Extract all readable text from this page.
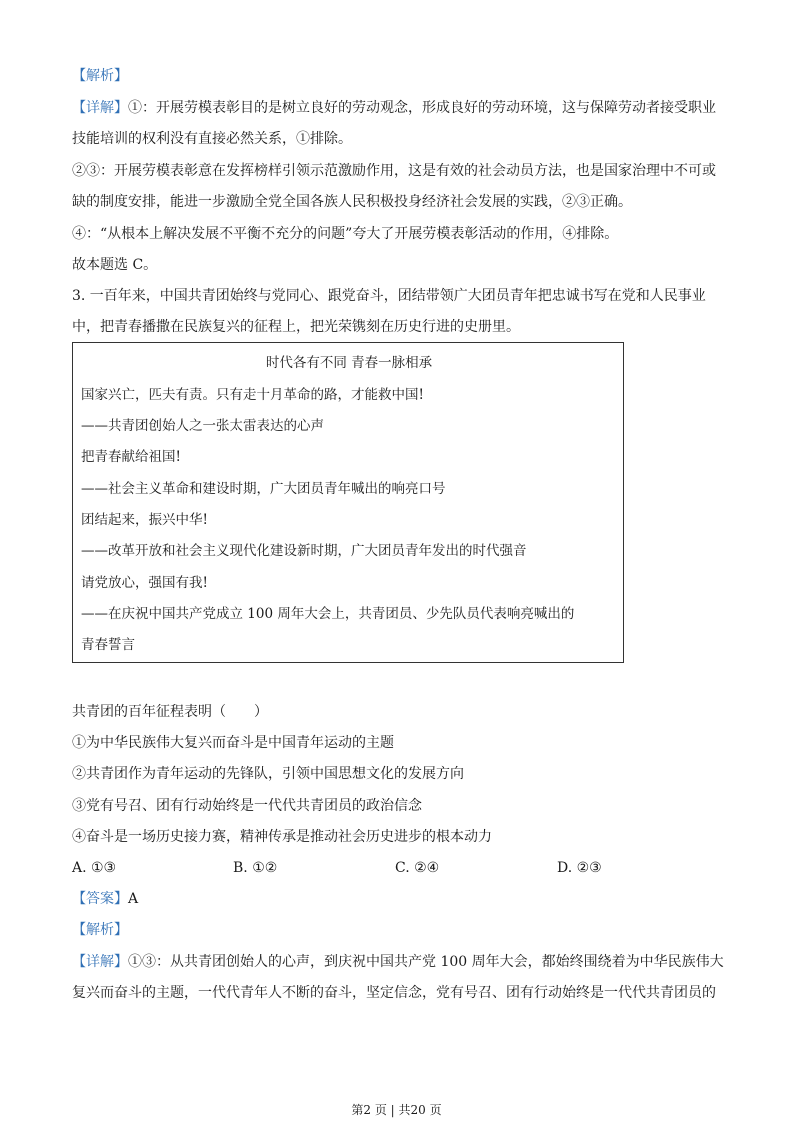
【解析】
【详解】①：开展劳模表彰目的是树立良好的劳动观念，形成良好的劳动环境，这与保障劳动者接受职业
技能培训的权利没有直接必然关系，①排除。
②③：开展劳模表彰意在发挥榜样引领示范激励作用，这是有效的社会动员方法，也是国家治理中不可或
缺的制度安排，能进一步激励全党全国各族人民积极投身经济社会发展的实践，②③正确。
④：“从根本上解决发展不平衡不充分的问题”夸大了开展劳模表彰活动的作用，④排除。
故本题选 C。
3. 一百年来，中国共青团始终与党同心、跟党奋斗，团结带领广大团员青年把忠诚书写在党和人民事业
中，把青春播撒在民族复兴的征程上，把光荣镌刻在历史行进的史册里。
时代各有不同 青春一脉相承
国家兴亡，匹夫有责。只有走十月革命的路，才能救中国!
——共青团创始人之一张太雷表达的心声
把青春献给祖国!
——社会主义革命和建设时期，广大团员青年喊出的响亮口号
团结起来，振兴中华!
——改革开放和社会主义现代化建设新时期，广大团员青年发出的时代强音
请党放心，强国有我!
——在庆祝中国共产党成立 100 周年大会上，共青团员、少先队员代表响亮喊出的
青春誓言
共青团的百年征程表明（　　）
①为中华民族伟大复兴而奋斗是中国青年运动的主题
②共青团作为青年运动的先锋队，引领中国思想文化的发展方向
③党有号召、团有行动始终是一代代共青团员的政治信念
④奋斗是一场历史接力赛，精神传承是推动社会历史进步的根本动力
A. ①③	B. ①②	C. ②④	D. ②③
【答案】A
【解析】
【详解】①③：从共青团创始人的心声，到庆祝中国共产党 100 周年大会，都始终围绕着为中华民族伟大
复兴而奋斗的主题，一代代青年人不断的奋斗，坚定信念，党有号召、团有行动始终是一代代共青团员的
第2 页 | 共20 页
